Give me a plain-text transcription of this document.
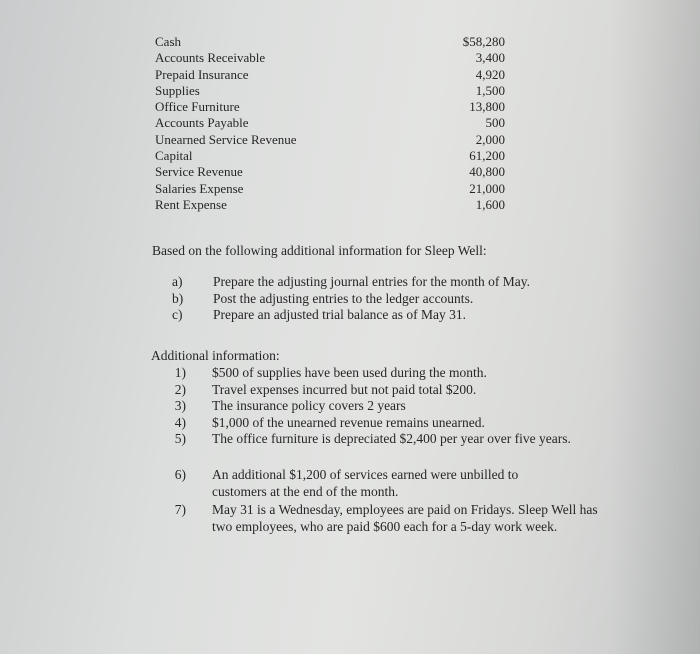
Cash	$58,280
Accounts Receivable	3,400
Prepaid Insurance	4,920
Supplies	1,500
Office Furniture	13,800
Accounts Payable	500
Unearned Service Revenue	2,000
Capital	61,200
Service Revenue	40,800
Salaries Expense	21,000
Rent Expense	1,600
Based on the following additional information for Sleep Well:
a)	Prepare the adjusting journal entries for the month of May.
b)	Post the adjusting entries to the ledger accounts.
c)	Prepare an adjusted trial balance as of May 31.
Additional information:
1) $500 of supplies have been used during the month.
2) Travel expenses incurred but not paid total $200.
3) The insurance policy covers 2 years
4) $1,000 of the unearned revenue remains unearned.
5) The office furniture is depreciated $2,400 per year over five years.
6) An additional $1,200 of services earned were unbilled to customers at the end of the month.
7) May 31 is a Wednesday, employees are paid on Fridays. Sleep Well has two employees, who are paid $600 each for a 5-day work week.
